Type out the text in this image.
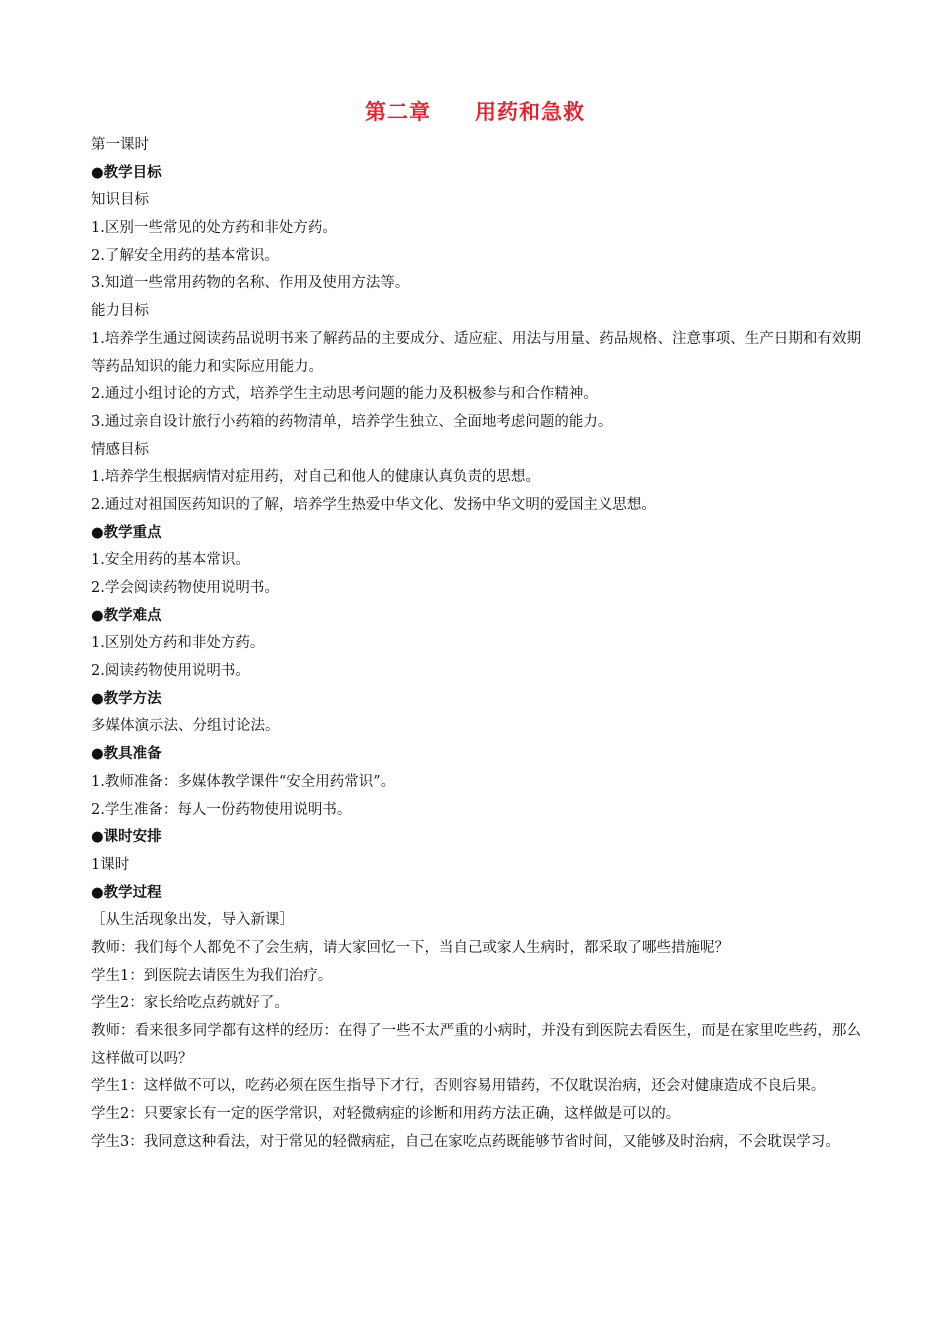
第二章 用药和急救
第一课时
●教学目标
知识目标
1.区别一些常见的处方药和非处方药。
2.了解安全用药的基本常识。
3.知道一些常用药物的名称、作用及使用方法等。
能力目标
1.培养学生通过阅读药品说明书来了解药品的主要成分、适应症、用法与用量、药品规格、注意事项、生产日期和有效期等药品知识的能力和实际应用能力。
2.通过小组讨论的方式，培养学生主动思考问题的能力及积极参与和合作精神。
3.通过亲自设计旅行小药箱的药物清单，培养学生独立、全面地考虑问题的能力。
情感目标
1.培养学生根据病情对症用药，对自己和他人的健康认真负责的思想。
2.通过对祖国医药知识的了解，培养学生热爱中华文化、发扬中华文明的爱国主义思想。
●教学重点
1.安全用药的基本常识。
2.学会阅读药物使用说明书。
●教学难点
1.区别处方药和非处方药。
2.阅读药物使用说明书。
●教学方法
多媒体演示法、分组讨论法。
●教具准备
1.教师准备：多媒体教学课件“安全用药常识”。
2.学生准备：每人一份药物使用说明书。
●课时安排
1课时
●教学过程
［从生活现象出发，导入新课］
教师：我们每个人都免不了会生病，请大家回忆一下，当自己或家人生病时，都采取了哪些措施呢？
学生1：到医院去请医生为我们治疗。
学生2：家长给吃点药就好了。
教师：看来很多同学都有这样的经历：在得了一些不太严重的小病时，并没有到医院去看医生，而是在家里吃些药，那么这样做可以吗？
学生1：这样做不可以，吃药必须在医生指导下才行，否则容易用错药，不仅耽误治病，还会对健康造成不良后果。
学生2：只要家长有一定的医学常识，对轻微病症的诊断和用药方法正确，这样做是可以的。
学生3：我同意这种看法，对于常见的轻微病症，自己在家吃点药既能够节省时间，又能够及时治病，不会耽误学习。
